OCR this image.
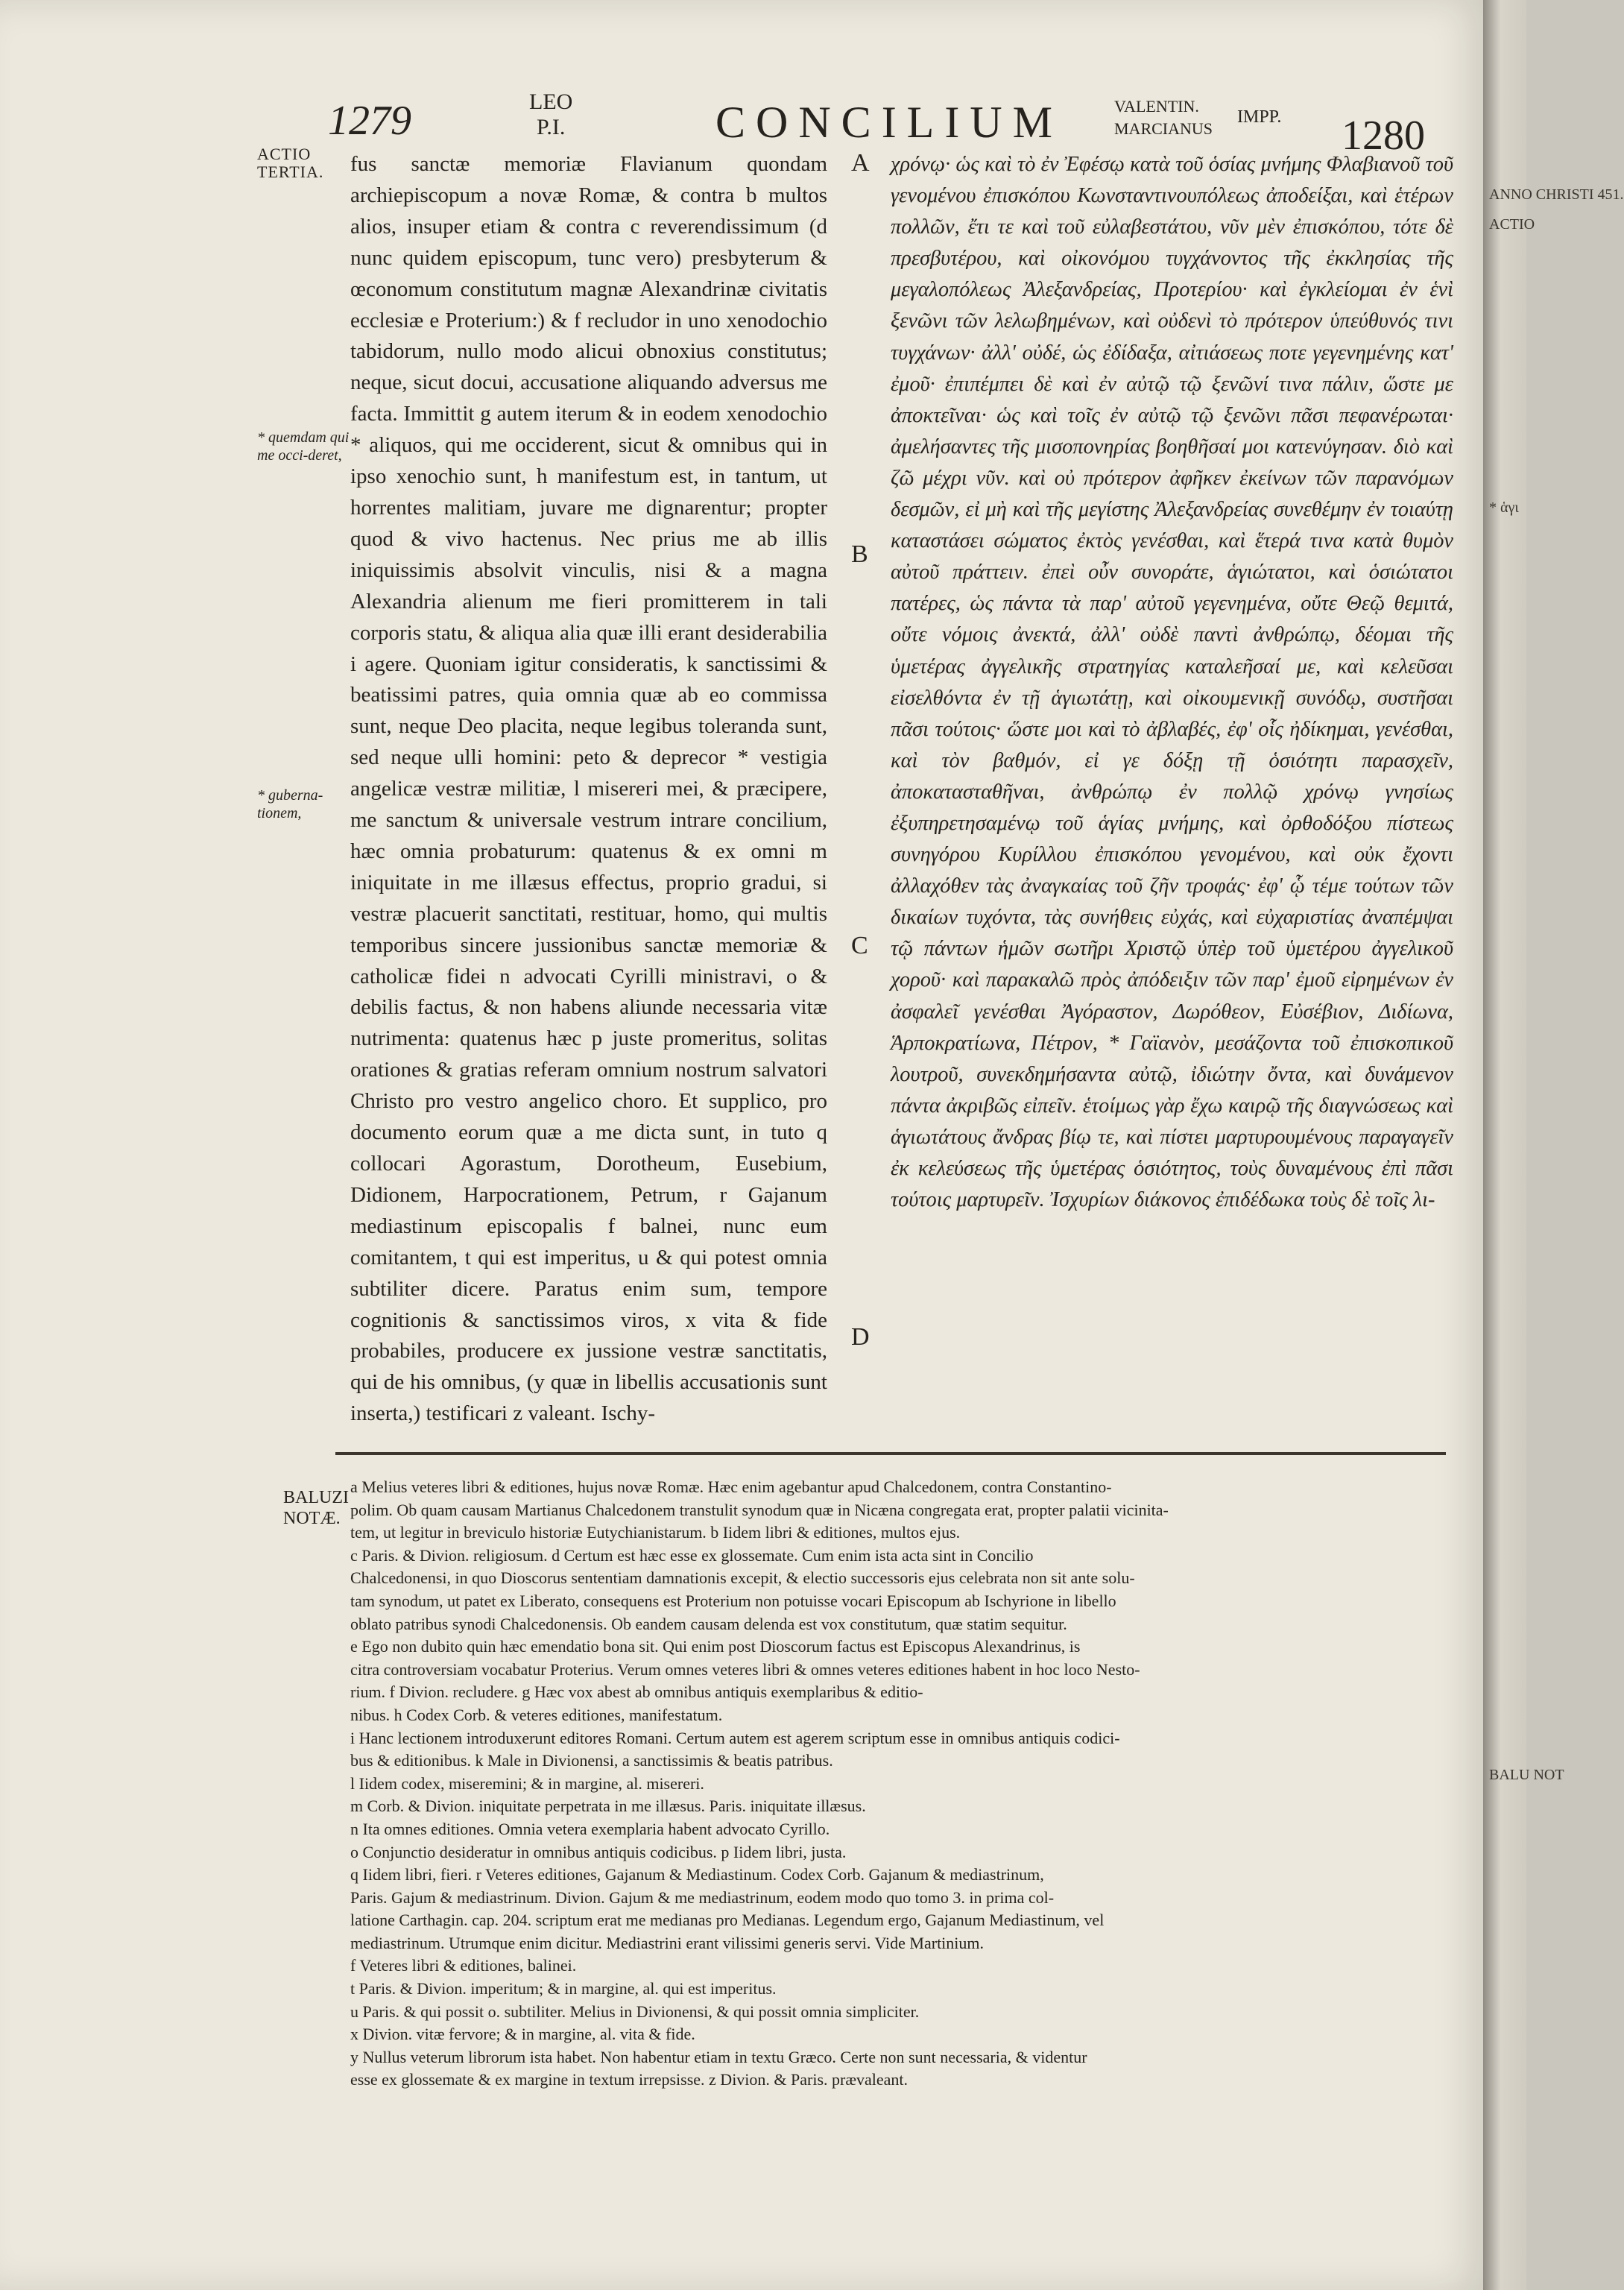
1279	LEO
P.I.	CONCILIUM	VALENTIN.
MARCIANUS
IMPP. 1280
ACTIO
TERTIA.
* quemdam qui me occi-deret,
* guberna-tionem,
A
B
C
D

fus sanctæ memoriæ Flavianum quondam archiepiscopum a novæ Romæ, & contra b multos alios, insuper etiam & contra c reverendissimum (d nunc quidem episcopum, tunc vero) presbyterum & œconomum constitutum magnæ Alexandrinæ civitatis ecclesiæ e Proterium:) & f recludor in uno xenodochio tabidorum, nullo modo alicui obnoxius constitutus; neque, sicut docui, accusatione aliquando adversus me facta. Immittit g autem iterum & in eodem xenodochio * aliquos, qui me occiderent, sicut & omnibus qui in ipso xenochio sunt, h manifestum est, in tantum, ut horrentes malitiam, juvare me dignarentur; propter quod & vivo hactenus. Nec prius me ab illis iniquissimis absolvit vinculis, nisi & a magna Alexandria alienum me fieri promitterem in tali corporis statu, & aliqua alia quæ illi erant desiderabilia i agere. Quoniam igitur consideratis, k sanctissimi & beatissimi patres, quia omnia quæ ab eo commissa sunt, neque Deo placita, neque legibus toleranda sunt, sed neque ulli homini: peto & deprecor * vestigia angelicæ vestræ militiæ, l misereri mei, & præcipere, me sanctum & universale vestrum intrare concilium, hæc omnia probaturum: quatenus & ex omni m iniquitate in me illæsus effectus, proprio gradui, si vestræ placuerit sanctitati, restituar, homo, qui multis temporibus sincere jussionibus sanctæ memoriæ & catholicæ fidei n advocati Cyrilli ministravi, o & debilis factus, & non habens aliunde necessaria vitæ nutrimenta: quatenus hæc p juste promeritus, solitas orationes & gratias referam omnium nostrum salvatori Christo pro vestro angelico choro. Et supplico, pro documento eorum quæ a me dicta sunt, in tuto q collocari Agorastum, Dorotheum, Eusebium, Didionem, Harpocrationem, Petrum, r Gajanum mediastinum episcopalis f balnei, nunc eum comitantem, t qui est imperitus, u & qui potest omnia subtiliter dicere. Paratus enim sum, tempore cognitionis & sanctissimos viros, x vita & fide probabiles, producere ex jussione vestræ sanctitatis, qui de his omnibus, (y quæ in libellis accusationis sunt inserta,) testificari z valeant. Ischy-

χρόνῳ· ὡς καὶ τὸ ἐν Ἐφέσῳ κατὰ τοῦ ὁσίας μνήμης Φλαβιανοῦ τοῦ γενομένου ἐπισκόπου Κωνσταντινουπόλεως ἀποδείξαι, καὶ ἑτέρων πολλῶν, ἔτι τε καὶ τοῦ εὐλαβεστάτου, νῦν μὲν ἐπισκόπου, τότε δὲ πρεσβυτέρου, καὶ οἰκονόμου τυγχάνοντος τῆς ἐκκλησίας τῆς μεγαλοπόλεως Ἀλεξανδρείας, Προτερίου· καὶ ἐγκλείομαι ἐν ἑνὶ ξενῶνι τῶν λελωβημένων, καὶ οὐδενὶ τὸ πρότερον ὑπεύθυνός τινι τυγχάνων· ἀλλ' οὐδέ, ὡς ἐδίδαξα, αἰτιάσεως ποτε γεγενημένης κατ' ἐμοῦ· ἐπιπέμπει δὲ καὶ ἐν αὐτῷ τῷ ξενῶνί τινα πάλιν, ὥστε με ἀποκτεῖναι· ὡς καὶ τοῖς ἐν αὐτῷ τῷ ξενῶνι πᾶσι πεφανέρωται· ἀμελήσαντες τῆς μισοπονηρίας βοηθῆσαί μοι κατενύγησαν. διὸ καὶ ζῶ μέχρι νῦν. καὶ οὐ πρότερον ἀφῆκεν ἐκείνων τῶν παρανόμων δεσμῶν, εἰ μὴ καὶ τῆς μεγίστης Ἀλεξανδρείας συνεθέμην ἐν τοιαύτῃ καταστάσει σώματος ἐκτὸς γενέσθαι, καὶ ἕτερά τινα κατὰ θυμὸν αὐτοῦ πράττειν. ἐπεὶ οὖν συνοράτε, ἁγιώτατοι, καὶ ὁσιώτατοι πατέρες, ὡς πάντα τὰ παρ' αὐτοῦ γεγενημένα, οὔτε Θεῷ θεμιτά, οὔτε νόμοις ἀνεκτά, ἀλλ' οὐδὲ παντὶ ἀνθρώπῳ, δέομαι τῆς ὑμετέρας ἀγγελικῆς στρατηγίας καταλεῆσαί με, καὶ κελεῦσαι εἰσελθόντα ἐν τῇ ἁγιωτάτῃ, καὶ οἰκουμενικῇ συνόδῳ, συστῆσαι πᾶσι τούτοις· ὥστε μοι καὶ τὸ ἀβλαβές, ἐφ' οἷς ἠδίκημαι, γενέσθαι, καὶ τὸν βαθμόν, εἰ γε δόξῃ τῇ ὁσιότητι παρασχεῖν, ἀποκατασταθῆναι, ἀνθρώπῳ ἐν πολλῷ χρόνῳ γνησίως ἐξυπηρετησαμένῳ τοῦ ἁγίας μνήμης, καὶ ὀρθοδόξου πίστεως συνηγόρου Κυρίλλου ἐπισκόπου γενομένου, καὶ οὐκ ἔχοντι ἀλλαχόθεν τὰς ἀναγκαίας τοῦ ζῆν τροφάς· ἐφ' ᾧ τέμε τούτων τῶν δικαίων τυχόντα, τὰς συνήθεις εὐχάς, καὶ εὐχαριστίας ἀναπέμψαι τῷ πάντων ἡμῶν σωτῆρι Χριστῷ ὑπὲρ τοῦ ὑμετέρου ἀγγελικοῦ χοροῦ· καὶ παρακαλῶ πρὸς ἀπόδειξιν τῶν παρ' ἐμοῦ εἰρημένων ἐν ἀσφαλεῖ γενέσθαι Ἀγόραστον, Δωρόθεον, Εὐσέβιον, Διδίωνα, Ἁρποκρατίωνα, Πέτρον, * Γαϊανὸν, μεσάζοντα τοῦ ἐπισκοπικοῦ λουτροῦ, συνεκδημήσαντα αὐτῷ, ἰδιώτην ὄντα, καὶ δυνάμενον πάντα ἀκριβῶς εἰπεῖν. ἑτοίμως γὰρ ἔχω καιρῷ τῆς διαγνώσεως καὶ ἁγιωτάτους ἄνδρας βίῳ τε, καὶ πίστει μαρτυρουμένους παραγαγεῖν ἐκ κελεύσεως τῆς ὑμετέρας ὁσιότητος, τοὺς δυναμένους ἐπὶ πᾶσι τούτοις μαρτυρεῖν. Ἰσχυρίων διάκονος ἐπιδέδωκα τοὺς δὲ τοῖς λι-

BALUZI
NOTÆ.

a Melius veteres libri & editiones, hujus novæ Romæ. Hæc enim agebantur apud Chalcedonem, contra Constantino-

polim. Ob quam causam Martianus Chalcedonem transtulit synodum quæ in Nicæna congregata erat, propter palatii vicinita-

tem, ut legitur in breviculo historiæ Eutychianistarum. b Iidem libri & editiones, multos ejus.

c Paris. & Divion. religiosum. d Certum est hæc esse ex glossemate. Cum enim ista acta sint in Concilio

Chalcedonensi, in quo Dioscorus sententiam damnationis excepit, & electio successoris ejus celebrata non sit ante solu-

tam synodum, ut patet ex Liberato, consequens est Proterium non potuisse vocari Episcopum ab Ischyrione in libello

oblato patribus synodi Chalcedonensis. Ob eandem causam delenda est vox constitutum, quæ statim sequitur.

e Ego non dubito quin hæc emendatio bona sit. Qui enim post Dioscorum factus est Episcopus Alexandrinus, is

citra controversiam vocabatur Proterius. Verum omnes veteres libri & omnes veteres editiones habent in hoc loco Nesto-

rium. f Divion. recludere. g Hæc vox abest ab omnibus antiquis exemplaribus & editio-

nibus. h Codex Corb. & veteres editiones, manifestatum.

i Hanc lectionem introduxerunt editores Romani. Certum autem est agerem scriptum esse in omnibus antiquis codici-

bus & editionibus. k Male in Divionensi, a sanctissimis & beatis patribus.

l Iidem codex, miseremini; & in margine, al. misereri.

m Corb. & Divion. iniquitate perpetrata in me illæsus. Paris. iniquitate illæsus.

n Ita omnes editiones. Omnia vetera exemplaria habent advocato Cyrillo.

o Conjunctio desideratur in omnibus antiquis codicibus. p Iidem libri, justa.

q Iidem libri, fieri. r Veteres editiones, Gajanum & Mediastinum. Codex Corb. Gajanum & mediastrinum,

Paris. Gajum & mediastrinum. Divion. Gajum & me mediastrinum, eodem modo quo tomo 3. in prima col-

latione Carthagin. cap. 204. scriptum erat me medianas pro Medianas. Legendum ergo, Gajanum Mediastinum, vel

mediastrinum. Utrumque enim dicitur. Mediastrini erant vilissimi generis servi. Vide Martinium.

f Veteres libri & editiones, balinei.

t Paris. & Divion. imperitum; & in margine, al. qui est imperitus.

u Paris. & qui possit o. subtiliter. Melius in Divionensi, & qui possit omnia simpliciter.

x Divion. vitæ fervore; & in margine, al. vita & fide.

y Nullus veterum librorum ista habet. Non habentur etiam in textu Græco. Certe non sunt necessaria, & videntur

esse ex glossemate & ex margine in textum irrepsisse. z Divion. & Paris. prævaleant.

ANNO CHRISTI 451.
ACTIO
* ἁγι
BALU NOT
